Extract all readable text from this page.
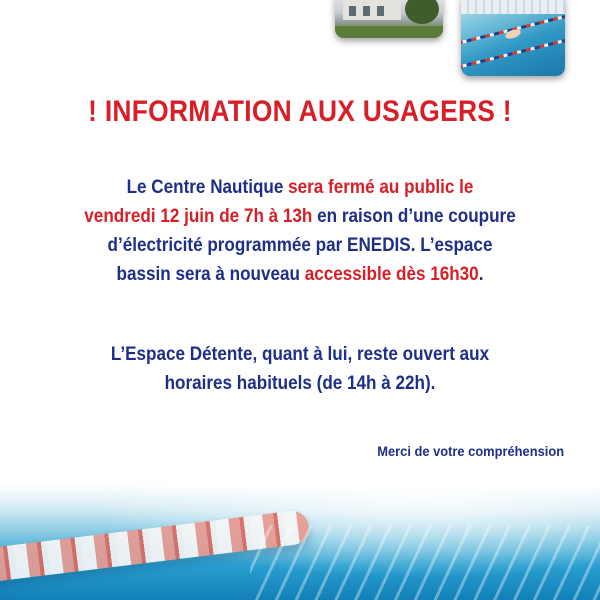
! INFORMATION AUX USAGERS !

Le Centre Nautique sera fermé au public le
vendredi 12 juin de 7h à 13h en raison d’une coupure
d’électricité programmée par ENEDIS. L’espace
bassin sera à nouveau accessible dès 16h30.

L’Espace Détente, quant à lui, reste ouvert aux
horaires habituels (de 14h à 22h).

Merci de votre compréhension
